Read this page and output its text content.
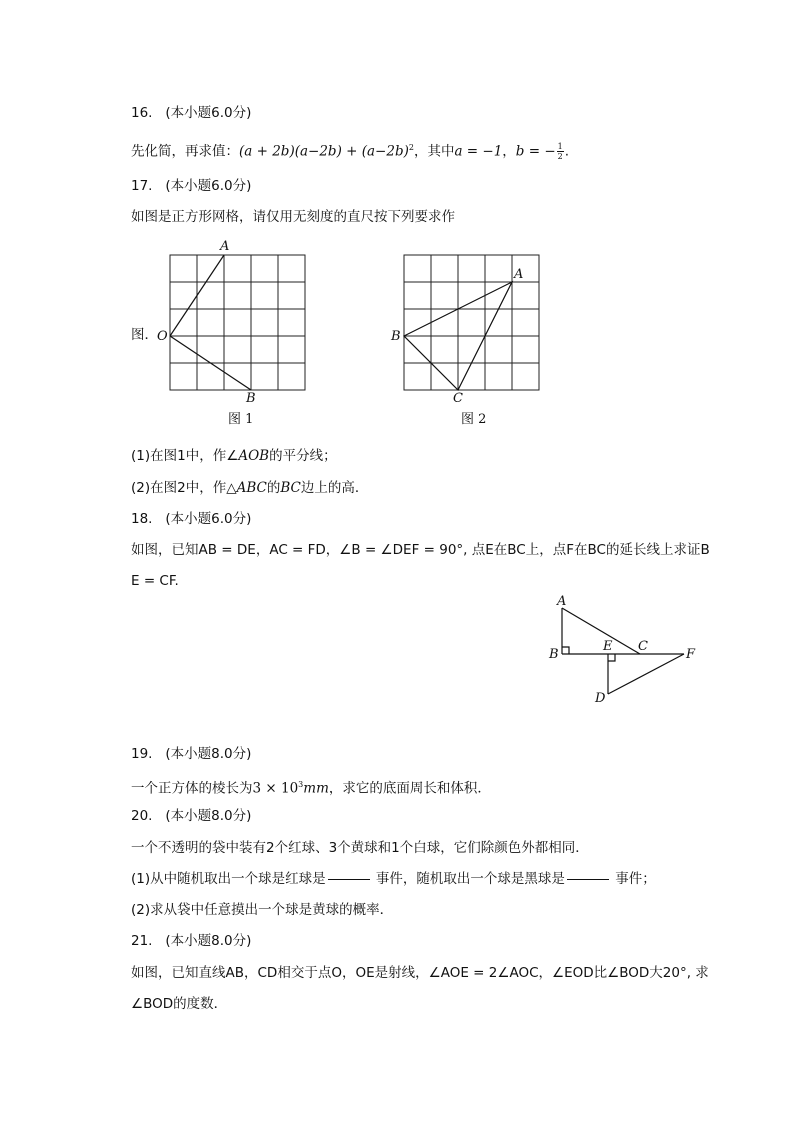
16. (本小题6.0分)
先化简，再求值：$(a + 2b)(a-2b) + (a-2b)^2$，其中a = −1，b = − $\frac{1}{2}$ .
17. (本小题6.0分)
如图是正方形网格，请仅用无刻度的直尺按下列要求作
图．
A
O
B
图 1
A
B
C
图 2
(1)在图1中，作∠AOB的平分线；
(2)在图2中，作△ABC的BC边上的高．
18. (本小题6.0分)
如图，已知AB = DE，AC = FD，∠B = ∠DEF = 90°, 点E在BC上，点F在BC的延长线上求证B
E = CF.
A
B
E C
F
D
19. (本小题8.0分)
一个正方体的棱长为$3 \times 10^3mm$，求它的底面周长和体积．
20. (本小题8.0分)
一个不透明的袋中装有2个红球、3个黄球和1个白球，它们除颜色外都相同．
(1)从中随机取出一个球是红球是	事件，随机取出一个球是黑球是	事件；
(2)求从袋中任意摸出一个球是黄球的概率．
21. (本小题8.0分)
如图，已知直线AB，CD相交于点O，OE是射线，∠AOE = 2∠AOC，∠EOD比∠BOD大20°, 求
∠BOD的度数．
